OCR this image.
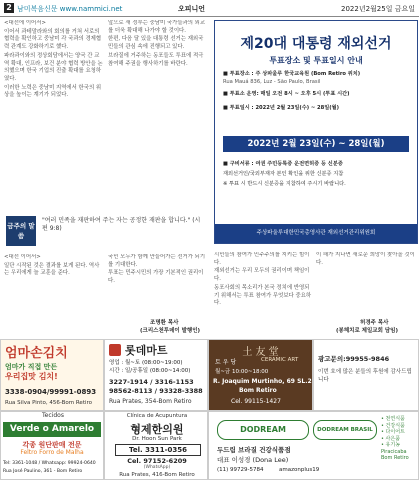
2 남미복음신문 www.nammici.net	오피니언	2022년2월25일 금요일

<대선에 이어서>

이어서 과테말라와의 회의를 거쳐 서로의 협력을 확인하고 중남미 각 국과의 경제협력 관계도 강화하기로 했다.

파라과이와의 정상회담에서는 양국 간 교역 확대, 인프라, 보건 분야 협력 방안을 논의했으며 한국 기업의 진출 확대를 요청하였다.

이러한 노력은 중남미 지역에서 한국의 위상을 높이는 계기가 되었다.

앞으로 새 정부는 중남미 국가들과의 외교를 더욱 확대해 나가야 할 것이다.

한편, 다음 달 있을 대통령 선거는 재외국민들의 관심 속에 진행되고 있다.

브라질에 거주하는 동포들도 투표에 적극 참여해 주권을 행사하기를 바란다.

금주의 말씀
"여러 민족을 재판하여 주는 자는 공정한 재판을 합니다." (시편 9:8)

<대선 이어서>

일단 시작된 것은 결과를 보게 된다. 역사는 우리에게 늘 교훈을 준다.

국민 모두가 함께 만들어가는 선거가 되기를 기대한다.

투표는 민주시민의 가장 기본적인 권리이다.

조명환 목사
(크리스천투데이 발행인)

시민들의 참여가 민주주의를 지키는 힘이다.

재외선거는 우리 모두의 권리이며 책임이다.

동포사회의 목소리가 본국 정치에 반영되기 위해서는 투표 참여가 무엇보다 중요하다.

이 해가 지나면 새로운 희망이 찾아올 것이다.

허경주 목사
(봉헤치로 제일교회 담임)
제20대 대통령 재외선거
투표장소 및 투표일시 안내
■ 투표장소 : 주 상파울루 한국교육원 (Bom Retiro 위치)
Rua Mauá 836, Luz - São Paulo, Brasil
■ 투표소 운영: 매일 오전 8시 ~ 오후 5시 (투표 시간)
■ 투표일시 : 2022년 2월 23일(수) ~ 28일(월)
2022년 2월 23일(수) ~ 28일(월)
■ 구비서류 : 여권 주민등록증 운전면허증 등 신분증
재외선거인/국외부재자 본인 확인을 위한 신분증 지참
※ 투표 시 반드시 신분증을 지참하여 주시기 바랍니다.
주상파울루대한민국총영사관 재외선거관리위원회
엄마손김치
엄마가 직접 만든
우리집맛 김치!
3338-0904/99991-0893
Rua Silva Pinto, 456-Bom Retiro
롯데마트
영업 : 월~토 (08:00~19:00)
시간 : 일/공휴일 (08:00~14:00)
3227-1914 / 3316-1153
98562-8113 / 93328-3388
Rua Prates, 354-Bom Retiro
土 友 堂
토 우 당	CERAMIC ART
월~금 10:00~18:00
R. Joaquim Murtinho, 69 SL.2
Bom Retiro
Cel. 99115-1427
광고문의:99955-9846
이번 호에 많은 분들의 후원에 감사드립니다
Tecidos
Verde o Amarelo
각종 원단판매 전문
Feltro Forro de Malha
Tel: 3361-1048 / Whatsapp: 99924-0640
Rua José Paulino, 361 - Bom Retiro
Clínica de Acupuntura
형제한의원
Dr. Hoon Sun Park
Tel. 3311-0356
Cel. 97152-6209
(WhatsApp)
Rua Prates, 416-Bom Retiro
DODREAM	DODREAM BRASIL
두드림 브라질 건강식품점
대표 이성경 (Dona Lee)
(11) 99729-5784	amazonplus19
• 천연식품
• 건강식품
• 다이어트
• 사은품
• 유기농
Piracicaba
Bom Retiro
